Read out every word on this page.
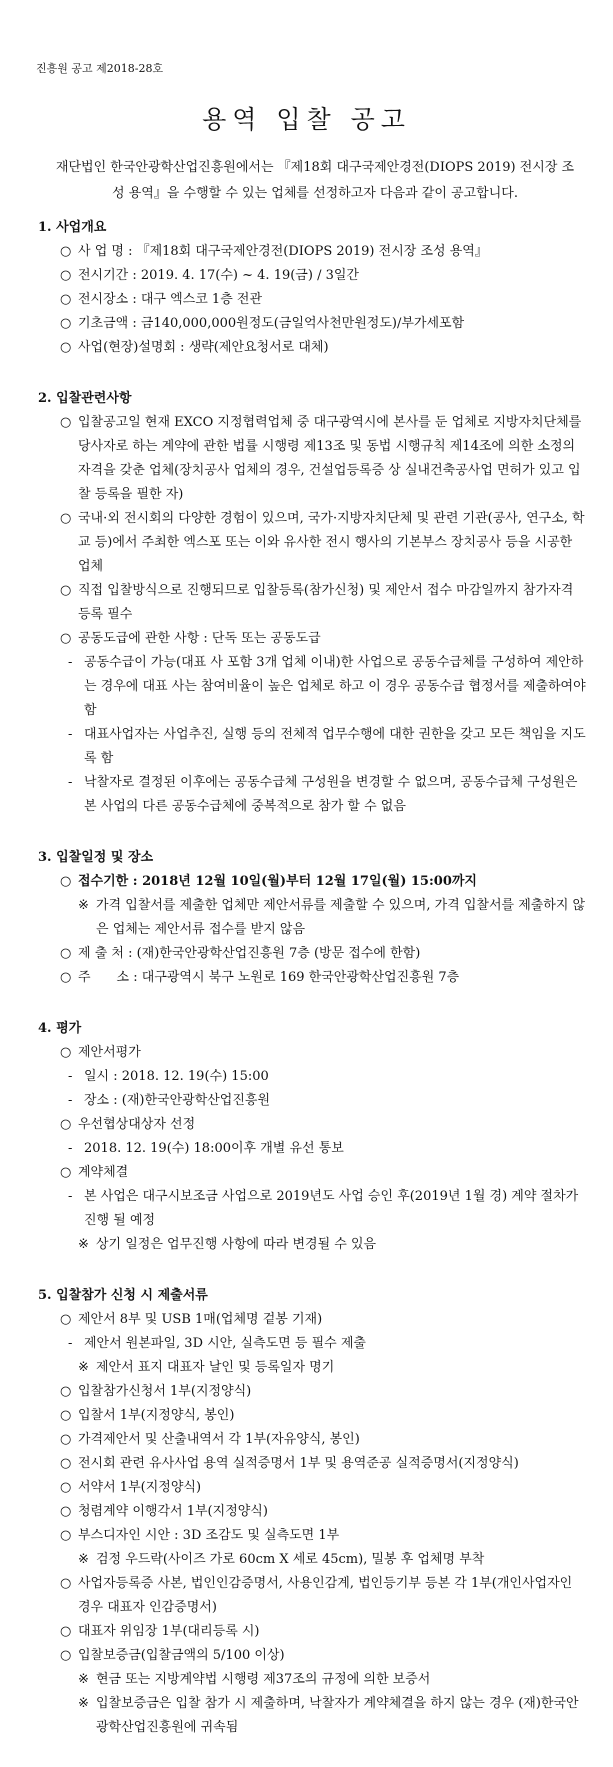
진흥원 공고 제2018-28호
용역 입찰 공고
재단법인 한국안광학산업진흥원에서는 『제18회 대구국제안경전(DIOPS 2019) 전시장 조성 용역』을 수행할 수 있는 업체를 선정하고자 다음과 같이 공고합니다.
1. 사업개요
○ 사 업 명 : 『제18회 대구국제안경전(DIOPS 2019) 전시장 조성 용역』
○ 전시기간 : 2019. 4. 17(수) ~ 4. 19(금) / 3일간
○ 전시장소 : 대구 엑스코 1층 전관
○ 기초금액 : 금140,000,000원정도(금일억사천만원정도)/부가세포함
○ 사업(현장)설명회 : 생략(제안요청서로 대체)
2. 입찰관련사항
○ 입찰공고일 현재 EXCO 지정협력업체 중 대구광역시에 본사를 둔 업체로 지방자치단체를 당사자로 하는 계약에 관한 법률 시행령 제13조 및 동법 시행규칙 제14조에 의한 소정의 자격을 갖춘 업체(장치공사 업체의 경우, 건설업등록증 상 실내건축공사업 면허가 있고 입찰 등록을 필한 자)
○ 국내·외 전시회의 다양한 경험이 있으며, 국가·지방자치단체 및 관련 기관(공사, 연구소, 학교 등)에서 주최한 엑스포 또는 이와 유사한 전시 행사의 기본부스 장치공사 등을 시공한 업체
○ 직접 입찰방식으로 진행되므로 입찰등록(참가신청) 및 제안서 접수 마감일까지 참가자격 등록 필수
○ 공동도급에 관한 사항 : 단독 또는 공동도급
- 공동수급이 가능(대표 사 포함 3개 업체 이내)한 사업으로 공동수급체를 구성하여 제안하는 경우에 대표 사는 참여비율이 높은 업체로 하고 이 경우 공동수급 협정서를 제출하여야 함
- 대표사업자는 사업추진, 실행 등의 전체적 업무수행에 대한 권한을 갖고 모든 책임을 지도록 함
- 낙찰자로 결정된 이후에는 공동수급체 구성원을 변경할 수 없으며, 공동수급체 구성원은 본 사업의 다른 공동수급체에 중복적으로 참가 할 수 없음
3. 입찰일정 및 장소
○ 접수기한 : 2018년 12월 10일(월)부터 12월 17일(월) 15:00까지
※ 가격 입찰서를 제출한 업체만 제안서류를 제출할 수 있으며, 가격 입찰서를 제출하지 않은 업체는 제안서류 접수를 받지 않음
○ 제 출 처 : (재)한국안광학산업진흥원 7층 (방문 접수에 한함)
○ 주　　소 : 대구광역시 북구 노원로 169 한국안광학산업진흥원 7층
4. 평가
○ 제안서평가
- 일시 : 2018. 12. 19(수) 15:00
- 장소 : (재)한국안광학산업진흥원
○ 우선협상대상자 선정
- 2018. 12. 19(수) 18:00이후 개별 유선 통보
○ 계약체결
- 본 사업은 대구시보조금 사업으로 2019년도 사업 승인 후(2019년 1월 경) 계약 절차가 진행 될 예정
※ 상기 일정은 업무진행 사항에 따라 변경될 수 있음
5. 입찰참가 신청 시 제출서류
○ 제안서 8부 및 USB 1매(업체명 겉봉 기재)
- 제안서 원본파일, 3D 시안, 실측도면 등 필수 제출
※ 제안서 표지 대표자 날인 및 등록일자 명기
○ 입찰참가신청서 1부(지정양식)
○ 입찰서 1부(지정양식, 봉인)
○ 가격제안서 및 산출내역서 각 1부(자유양식, 봉인)
○ 전시회 관련 유사사업 용역 실적증명서 1부 및 용역준공 실적증명서(지정양식)
○ 서약서 1부(지정양식)
○ 청렴계약 이행각서 1부(지정양식)
○ 부스디자인 시안 : 3D 조감도 및 실측도면 1부
※ 검정 우드락(사이즈 가로 60cm X 세로 45cm), 밀봉 후 업체명 부착
○ 사업자등록증 사본, 법인인감증명서, 사용인감계, 법인등기부 등본 각 1부(개인사업자인 경우 대표자 인감증명서)
○ 대표자 위임장 1부(대리등록 시)
○ 입찰보증금(입찰금액의 5/100 이상)
※ 현금 또는 지방계약법 시행령 제37조의 규정에 의한 보증서
※ 입찰보증금은 입찰 참가 시 제출하며, 낙찰자가 계약체결을 하지 않는 경우 (재)한국안광학산업진흥원에 귀속됨
